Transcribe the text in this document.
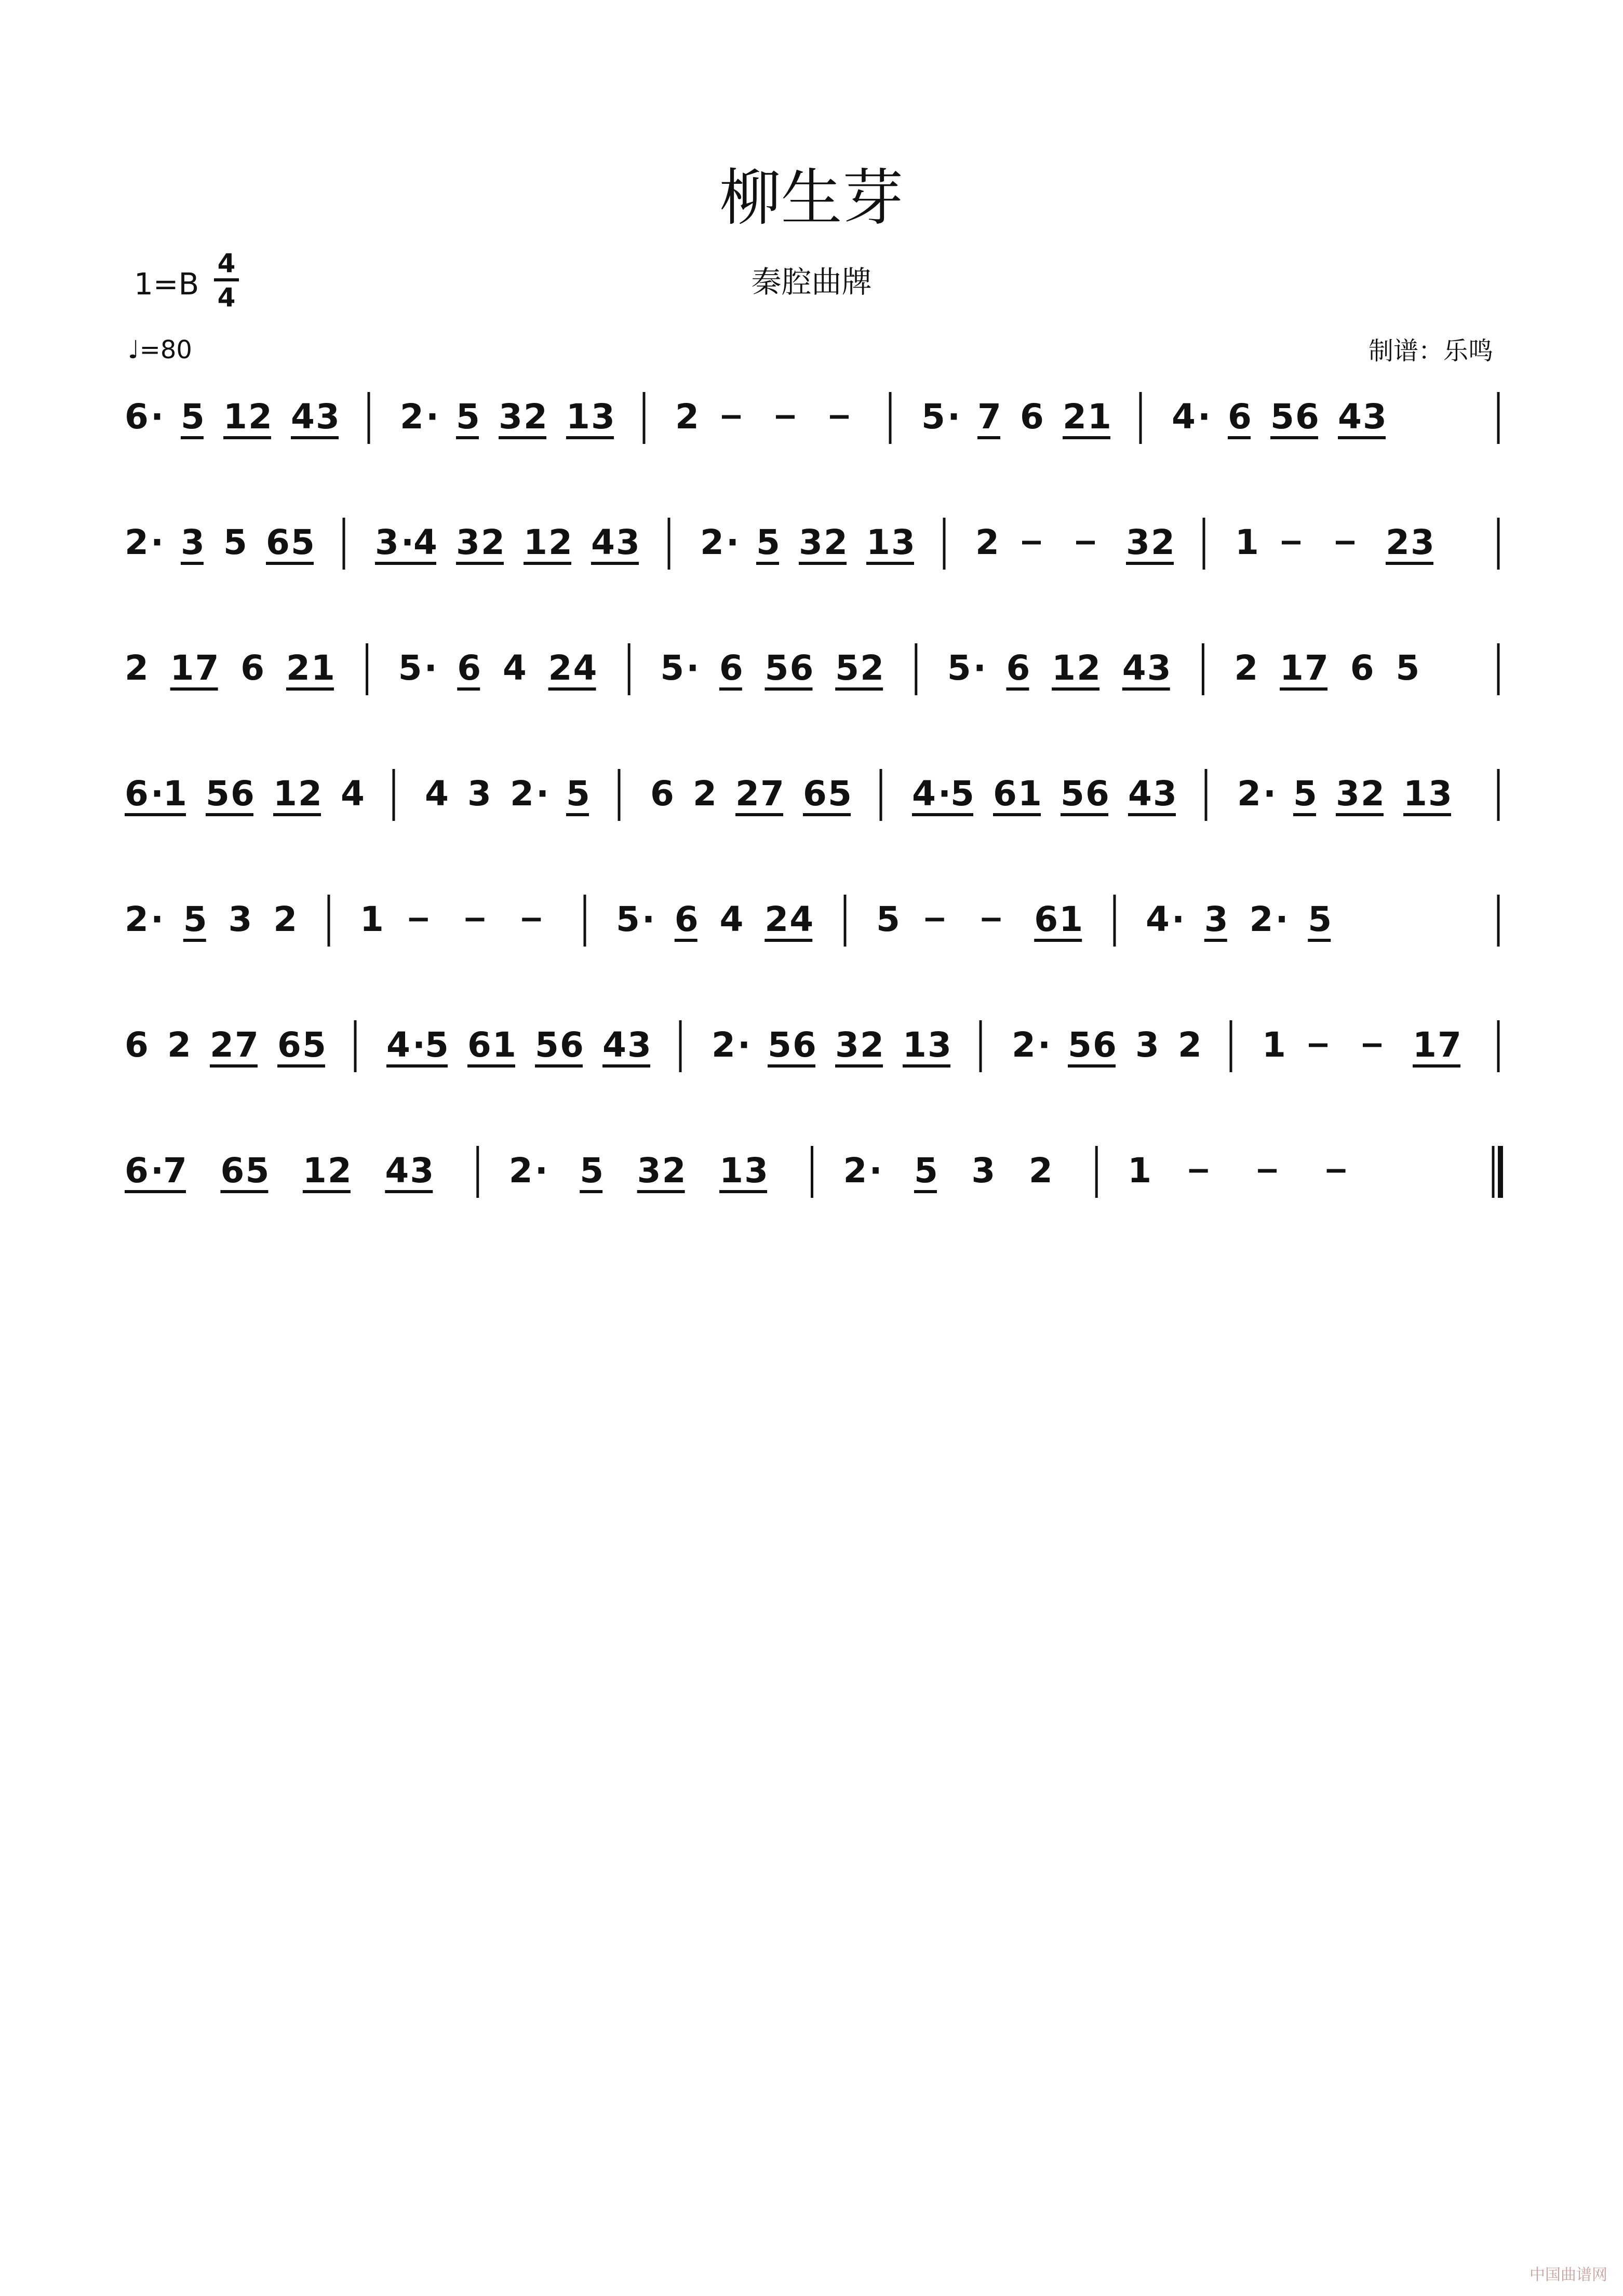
柳生芽
秦腔曲牌
1=B
4
4
♩=80	制谱：乐鸣
6 · 5 1 2 4 3 2 · 5 3 2 1 3 2	5 · 7 6 2 1 4 · 6 5 6 4 3
2 · 3 5 6 5 3 ·
4 3 2 1 2 4 3 2 · 5 3 2 1 3 2	3 2 1	2 3
2 1 7 6 2 1 5 · 6 4 2 4 5 · 6 5 6 5 2 5 · 6 1 2 4 3 2 1 7 6 5
6 ·
1 5 6 1 2 4 4 3 2 · 5 6 2 2 7 6 5 4 ·
5 6 1 5 6 4 3 2 · 5 3 2 1 3
2 · 5 3 2 1	5 · 6 4 2 4 5	6 1 4 · 3 2 · 5
6 2 2 7 6 5 4 ·
5 6 1 5 6 4 3 2 · 5 6 3 2 1 3 2 · 5 6 3 2 1	1 7
6 ·
7 6 5 1 2 4 3 2 · 5 3 2 1 3 2 · 5 3 2 1
中国曲谱网
